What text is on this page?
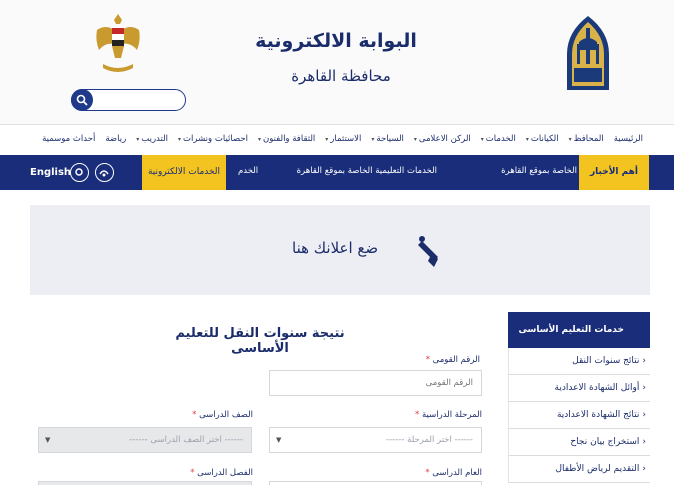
البوابة الالكترونية
محافظة القاهرة
الرئيسية
المحافظ▾
الكيانات▾
الخدمات▾
الركن الاعلامى▾
السياحة▾
الاستثمار▾
الثقافة والفنون▾
احصائيات ونشرات▾
التدريب▾
رياضة
أحداث موسمية
أهم الأخبار
الخاصة بموقع القاهرة
الخدمات التعليمية الخاصة بموقع القاهرة
الخدم
الخدمات الالكترونية
English
ضع اعلانك هنا
خدمات التعليم الأساسى
‹نتائج سنوات النقل
‹أوائل الشهادة الاعدادية
‹نتائج الشهادة الاعدادية
‹استخراج بيان نجاح
‹التقديم لرياض الأطفال
نتيجة سنوات النقل للتعليم الأساسى
الرقم القومى *
الرقم القومى
المرحلة الدراسية *
------ اختر المرحلة ------
▼
الصف الدراسى *
------ اختر الصف الدراسى ------
▼
العام الدراسى *
الفصل الدراسى *
